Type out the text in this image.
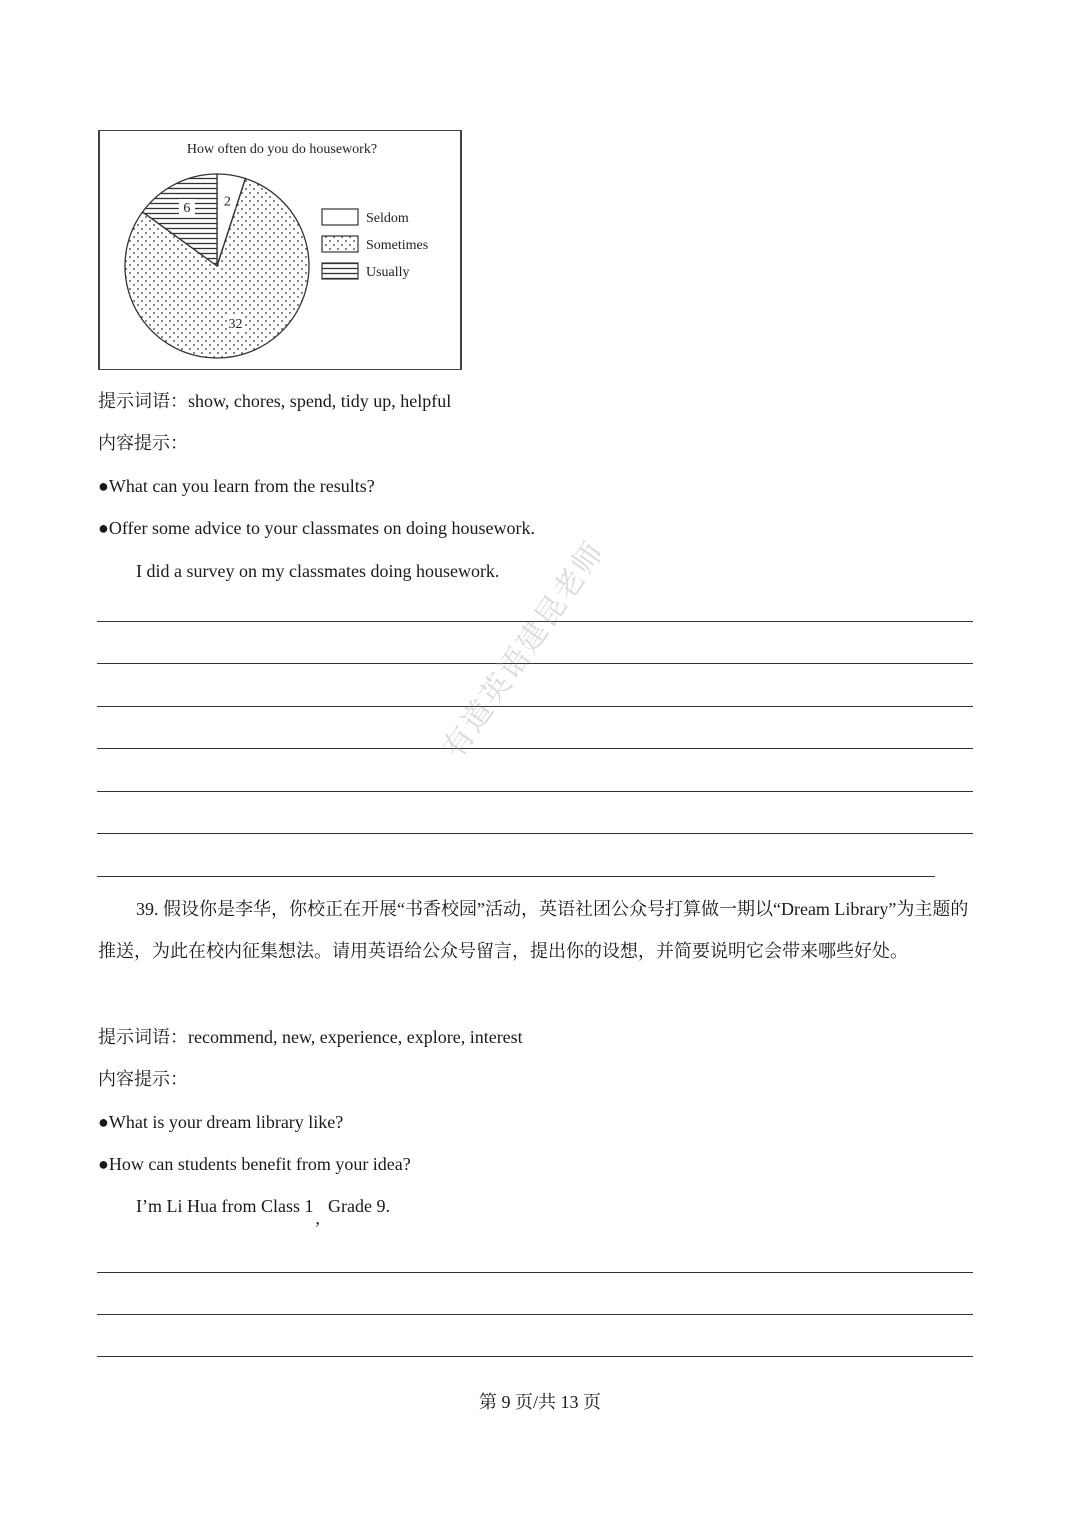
How often do you do housework?
2
32
6
Seldom
Sometimes
Usually
提示词语：show, chores, spend, tidy up, helpful
内容提示：
●What can you learn from the results?
●Offer some advice to your classmates on doing housework.
I did a survey on my classmates doing housework.
有道英语建昆老师
39. 假设你是李华，你校正在开展“书香校园”活动，英语社团公众号打算做一期以“Dream Library”为主题的推送，为此在校内征集想法。请用英语给公众号留言，提出你的设想，并简要说明它会带来哪些好处。
提示词语：recommend, new, experience, explore, interest
内容提示：
●What is your dream library like?
●How can students benefit from your idea?
I’m Li Hua from Class 1,Grade 9.
第 9 页/共 13 页
